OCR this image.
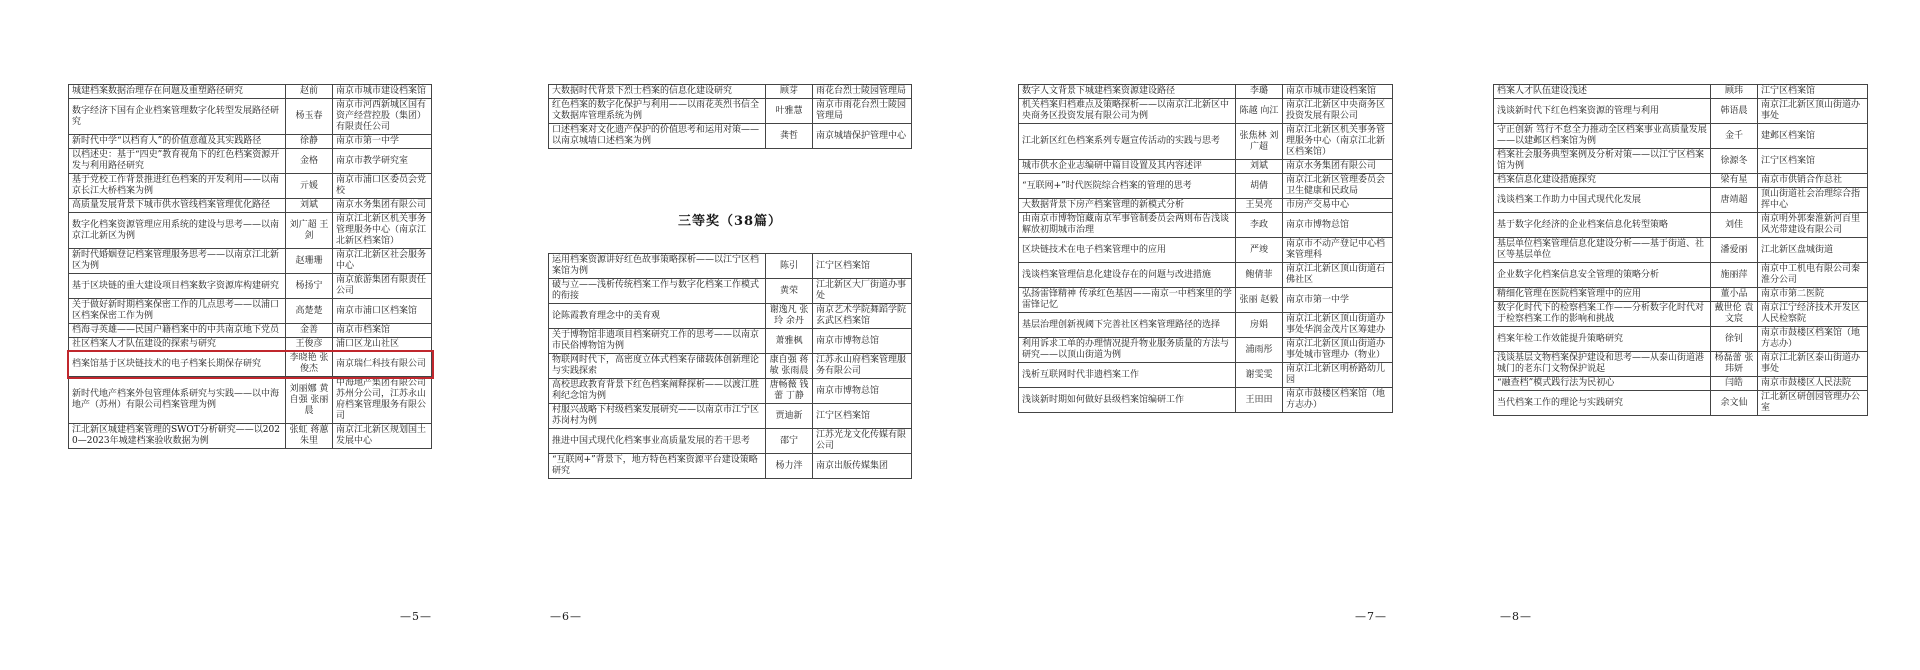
城建档案数据治理存在问题及重塑路径研究	赵前	南京市城市建设档案馆
数字经济下国有企业档案管理数字化转型发展路径研究	杨玉春	南京市河西新城区国有资产经营控股（集团）有限责任公司
新时代中学“以档育人”的价值意蕴及其实践路径	徐静	南京市第一中学
以档述史：基于“四史”教育视角下的红色档案资源开发与利用路径研究	金格	南京市教学研究室
基于党校工作背景推进红色档案的开发利用——以南京长江大桥档案为例	亓媛	南京市浦口区委员会党校
高质量发展背景下城市供水管线档案管理优化路径	刘斌	南京水务集团有限公司
数字化档案资源管理应用系统的建设与思考——以南京江北新区为例	刘广超 王剑	南京江北新区机关事务管理服务中心（南京江北新区档案馆）
新时代婚姻登记档案管理服务思考——以南京江北新区为例	赵珊珊	南京江北新区社会服务中心
基于区块链的重大建设项目档案数字资源库构建研究	杨扬宁	南京旅游集团有限责任公司
关于做好新时期档案保密工作的几点思考——以浦口区档案保密工作为例	高楚楚	南京市浦口区档案馆
档海寻英雄——民国户籍档案中的中共南京地下党员	金善	南京市档案馆
社区档案人才队伍建设的探索与研究	王俊彦	浦口区龙山社区
档案馆基于区块链技术的电子档案长期保存研究	李晓艳 张俊杰	南京瑞仁科技有限公司
新时代地产档案外包管理体系研究与实践——以中海地产（苏州）有限公司档案管理为例	刘丽娜 黄自强 张丽晨	中海地产集团有限公司苏州分公司，江苏永山府档案管理服务有限公司
江北新区城建档案管理的SWOT分析研究——以2020—2023年城建档案验收数据为例	张虹 蒋蕙 朱里	南京江北新区规划国土发展中心
—5—
大数据时代背景下烈士档案的信息化建设研究	顾芽	雨花台烈士陵园管理局
红色档案的数字化保护与利用——以雨花英烈书信全文数据库管理系统为例	叶雅慧	南京市雨花台烈士陵园管理局
口述档案对文化遗产保护的价值思考和运用对策——以南京城墙口述档案为例	龚哲	南京城墙保护管理中心
三等奖（38篇）
运用档案资源讲好红色故事策略探析——以江宁区档案馆为例	陈引	江宁区档案馆
破与立——浅析传统档案工作与数字化档案工作模式的衔接	黄荣	江北新区大厂街道办事处
论陈霞教育理念中的美育观	谢逸凡 张玲 余丹	南京艺术学院舞蹈学院玄武区档案馆
关于博物馆非遗项目档案研究工作的思考——以南京市民俗博物馆为例	萧雅枫	南京市博物总馆
物联网时代下，高密度立体式档案存储载体创新理论与实践探索	康自强 蒋敏 张雨晨	江苏永山府档案管理服务有限公司
高校思政教育背景下红色档案阐释探析——以渡江胜利纪念馆为例	唐畅薇 钱蕾 丁静	南京市博物总馆
村服兴战略下村级档案发展研究——以南京市江宁区苏岗村为例	贾迪新	江宁区档案馆
推进中国式现代化档案事业高质量发展的若干思考	邵宁	江苏光龙文化传媒有限公司
“互联网+”背景下，地方特色档案资源平台建设策略研究	杨力泮	南京出版传媒集团
—6—
数字人文背景下城建档案资源建设路径	李璐	南京市城市建设档案馆
机关档案归档难点及策略探析——以南京江北新区中央商务区投资发展有限公司为例	陈越 向江	南京江北新区中央商务区投资发展有限公司
江北新区红色档案系列专题宣传活动的实践与思考	张焦林 刘广超	南京江北新区机关事务管理服务中心（南京江北新区档案馆）
城市供水企业志编研中篇目设置及其内容述评	刘斌	南京水务集团有限公司
“互联网+”时代医院综合档案的管理的思考	胡倩	南京江北新区管理委员会卫生健康和民政局
大数据背景下房产档案管理的新模式分析	王昊亮	市房产交易中心
由南京市博物馆藏南京军事管制委员会两则布告浅谈解放初期城市治理	李政	南京市博物总馆
区块链技术在电子档案管理中的应用	严竣	南京市不动产登记中心档案管理科
浅谈档案管理信息化建设存在的问题与改进措施	鲍倩菲	南京江北新区顶山街道石佛社区
弘扬雷锋精神 传承红色基因——南京一中档案里的学雷锋记忆	张丽 赵毅	南京市第一中学
基层治理创新视阈下完善社区档案管理路径的选择	房娟	南京江北新区顶山街道办事处华润金茂片区筹建办
利用诉求工单的办理情况提升物业服务质量的方法与研究——以顶山街道为例	浦雨彤	南京江北新区顶山街道办事处城市管理办（物业）
浅析互联网时代非遗档案工作	谢雯雯	南京江北新区明桥路幼儿园
浅谈新时期如何做好县级档案馆编研工作	王田田	南京市鼓楼区档案馆（地方志办）
—7—
档案人才队伍建设浅述	顾玮	江宁区档案馆
浅谈新时代下红色档案资源的管理与利用	韩语晨	南京江北新区顶山街道办事处
守正创新 笃行不怠全力推动全区档案事业高质量发展——以建邺区档案馆为例	金千	建邺区档案馆
档案社会服务典型案例及分析对策——以江宁区档案馆为例	徐源冬	江宁区档案馆
档案信息化建设措施探究	梁有星	南京市供销合作总社
浅谈档案工作助力中国式现代化发展	唐靖超	顶山街道社会治理综合指挥中心
基于数字化经济的企业档案信息化转型策略	刘佳	南京明外郭秦淮新河百里风光带建设有限公司
基层单位档案管理信息化建设分析——基于街道、社区等基层单位	潘爱丽	江北新区盘城街道
企业数字化档案信息安全管理的策略分析	施丽萍	南京中工机电有限公司秦淮分公司
精细化管理在医院档案管理中的应用	董小品	南京市第二医院
数字化时代下的检察档案工作——分析数字化时代对于检察档案工作的影响和挑战	戴世伦 袁文宸	南京江宁经济技术开发区人民检察院
档案年检工作效能提升策略研究	徐钊	南京市鼓楼区档案馆（地方志办）
浅谈基层文物档案保护建设和思考——从泰山街道港城门的老东门文物保护说起	杨磊蕾 张玮妍	南京江北新区泰山街道办事处
“融查档”模式践行法为民初心	闫皓	南京市鼓楼区人民法院
当代档案工作的理论与实践研究	余文仙	江北新区研创园管理办公室
—8—
